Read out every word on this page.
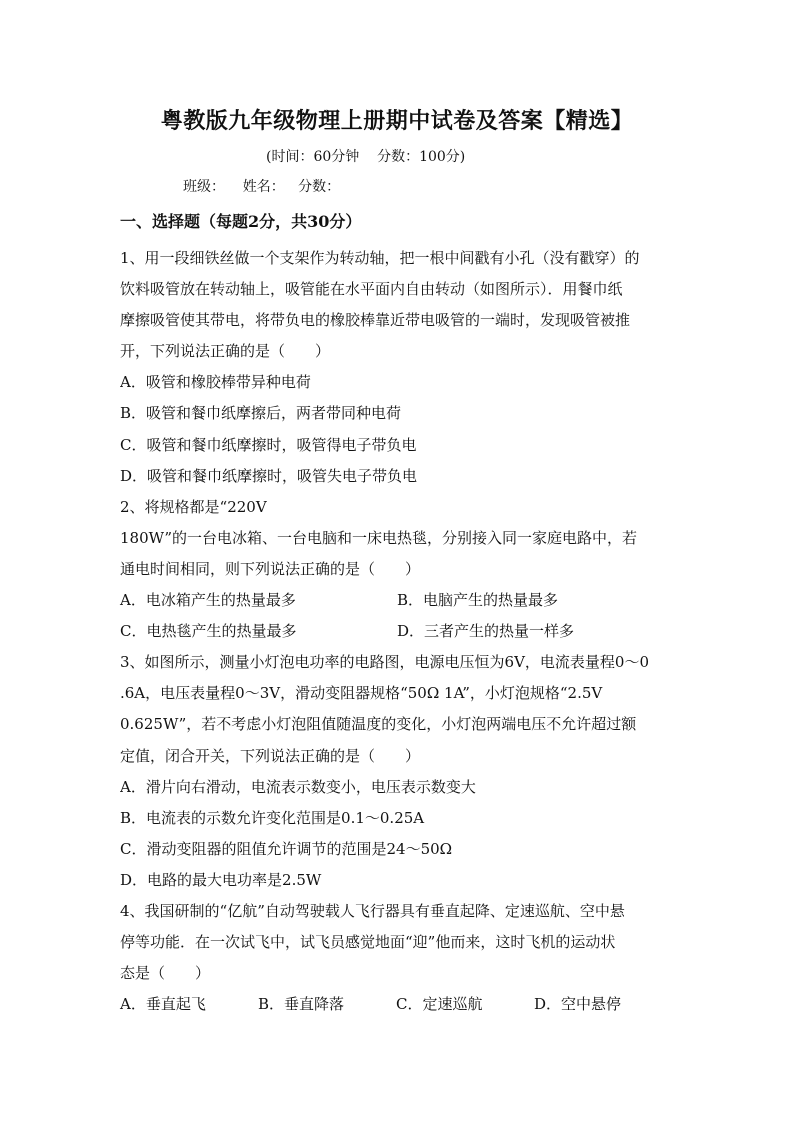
粤教版九年级物理上册期中试卷及答案【精选】
(时间：60分钟    分数：100分)
班级：    姓名：   分数：
一、选择题（每题2分，共30分）
1、用一段细铁丝做一个支架作为转动轴，把一根中间戳有小孔（没有戳穿）的
饮料吸管放在转动轴上，吸管能在水平面内自由转动（如图所示）．用餐巾纸
摩擦吸管使其带电，将带负电的橡胶棒靠近带电吸管的一端时，发现吸管被推
开，下列说法正确的是（　　）
A．吸管和橡胶棒带异种电荷
B．吸管和餐巾纸摩擦后，两者带同种电荷
C．吸管和餐巾纸摩擦时，吸管得电子带负电
D．吸管和餐巾纸摩擦时，吸管失电子带负电
2、将规格都是“220V
180W”的一台电冰箱、一台电脑和一床电热毯，分别接入同一家庭电路中，若
通电时间相同，则下列说法正确的是（　　）
A．电冰箱产生的热量最多	B．电脑产生的热量最多
C．电热毯产生的热量最多	D．三者产生的热量一样多
3、如图所示，测量小灯泡电功率的电路图，电源电压恒为6V，电流表量程0～0
.6A，电压表量程0～3V，滑动变阻器规格“50Ω 1A”，小灯泡规格“2.5V
0.625W”，若不考虑小灯泡阻值随温度的变化，小灯泡两端电压不允许超过额
定值，闭合开关，下列说法正确的是（　　）
A．滑片向右滑动，电流表示数变小，电压表示数变大
B．电流表的示数允许变化范围是0.1～0.25A
C．滑动变阻器的阻值允许调节的范围是24～50Ω
D．电路的最大电功率是2.5W
4、我国研制的“亿航”自动驾驶载人飞行器具有垂直起降、定速巡航、空中悬
停等功能．在一次试飞中，试飞员感觉地面“迎”他而来，这时飞机的运动状
态是（　　）
A．垂直起飞	B．垂直降落	C．定速巡航	D．空中悬停
